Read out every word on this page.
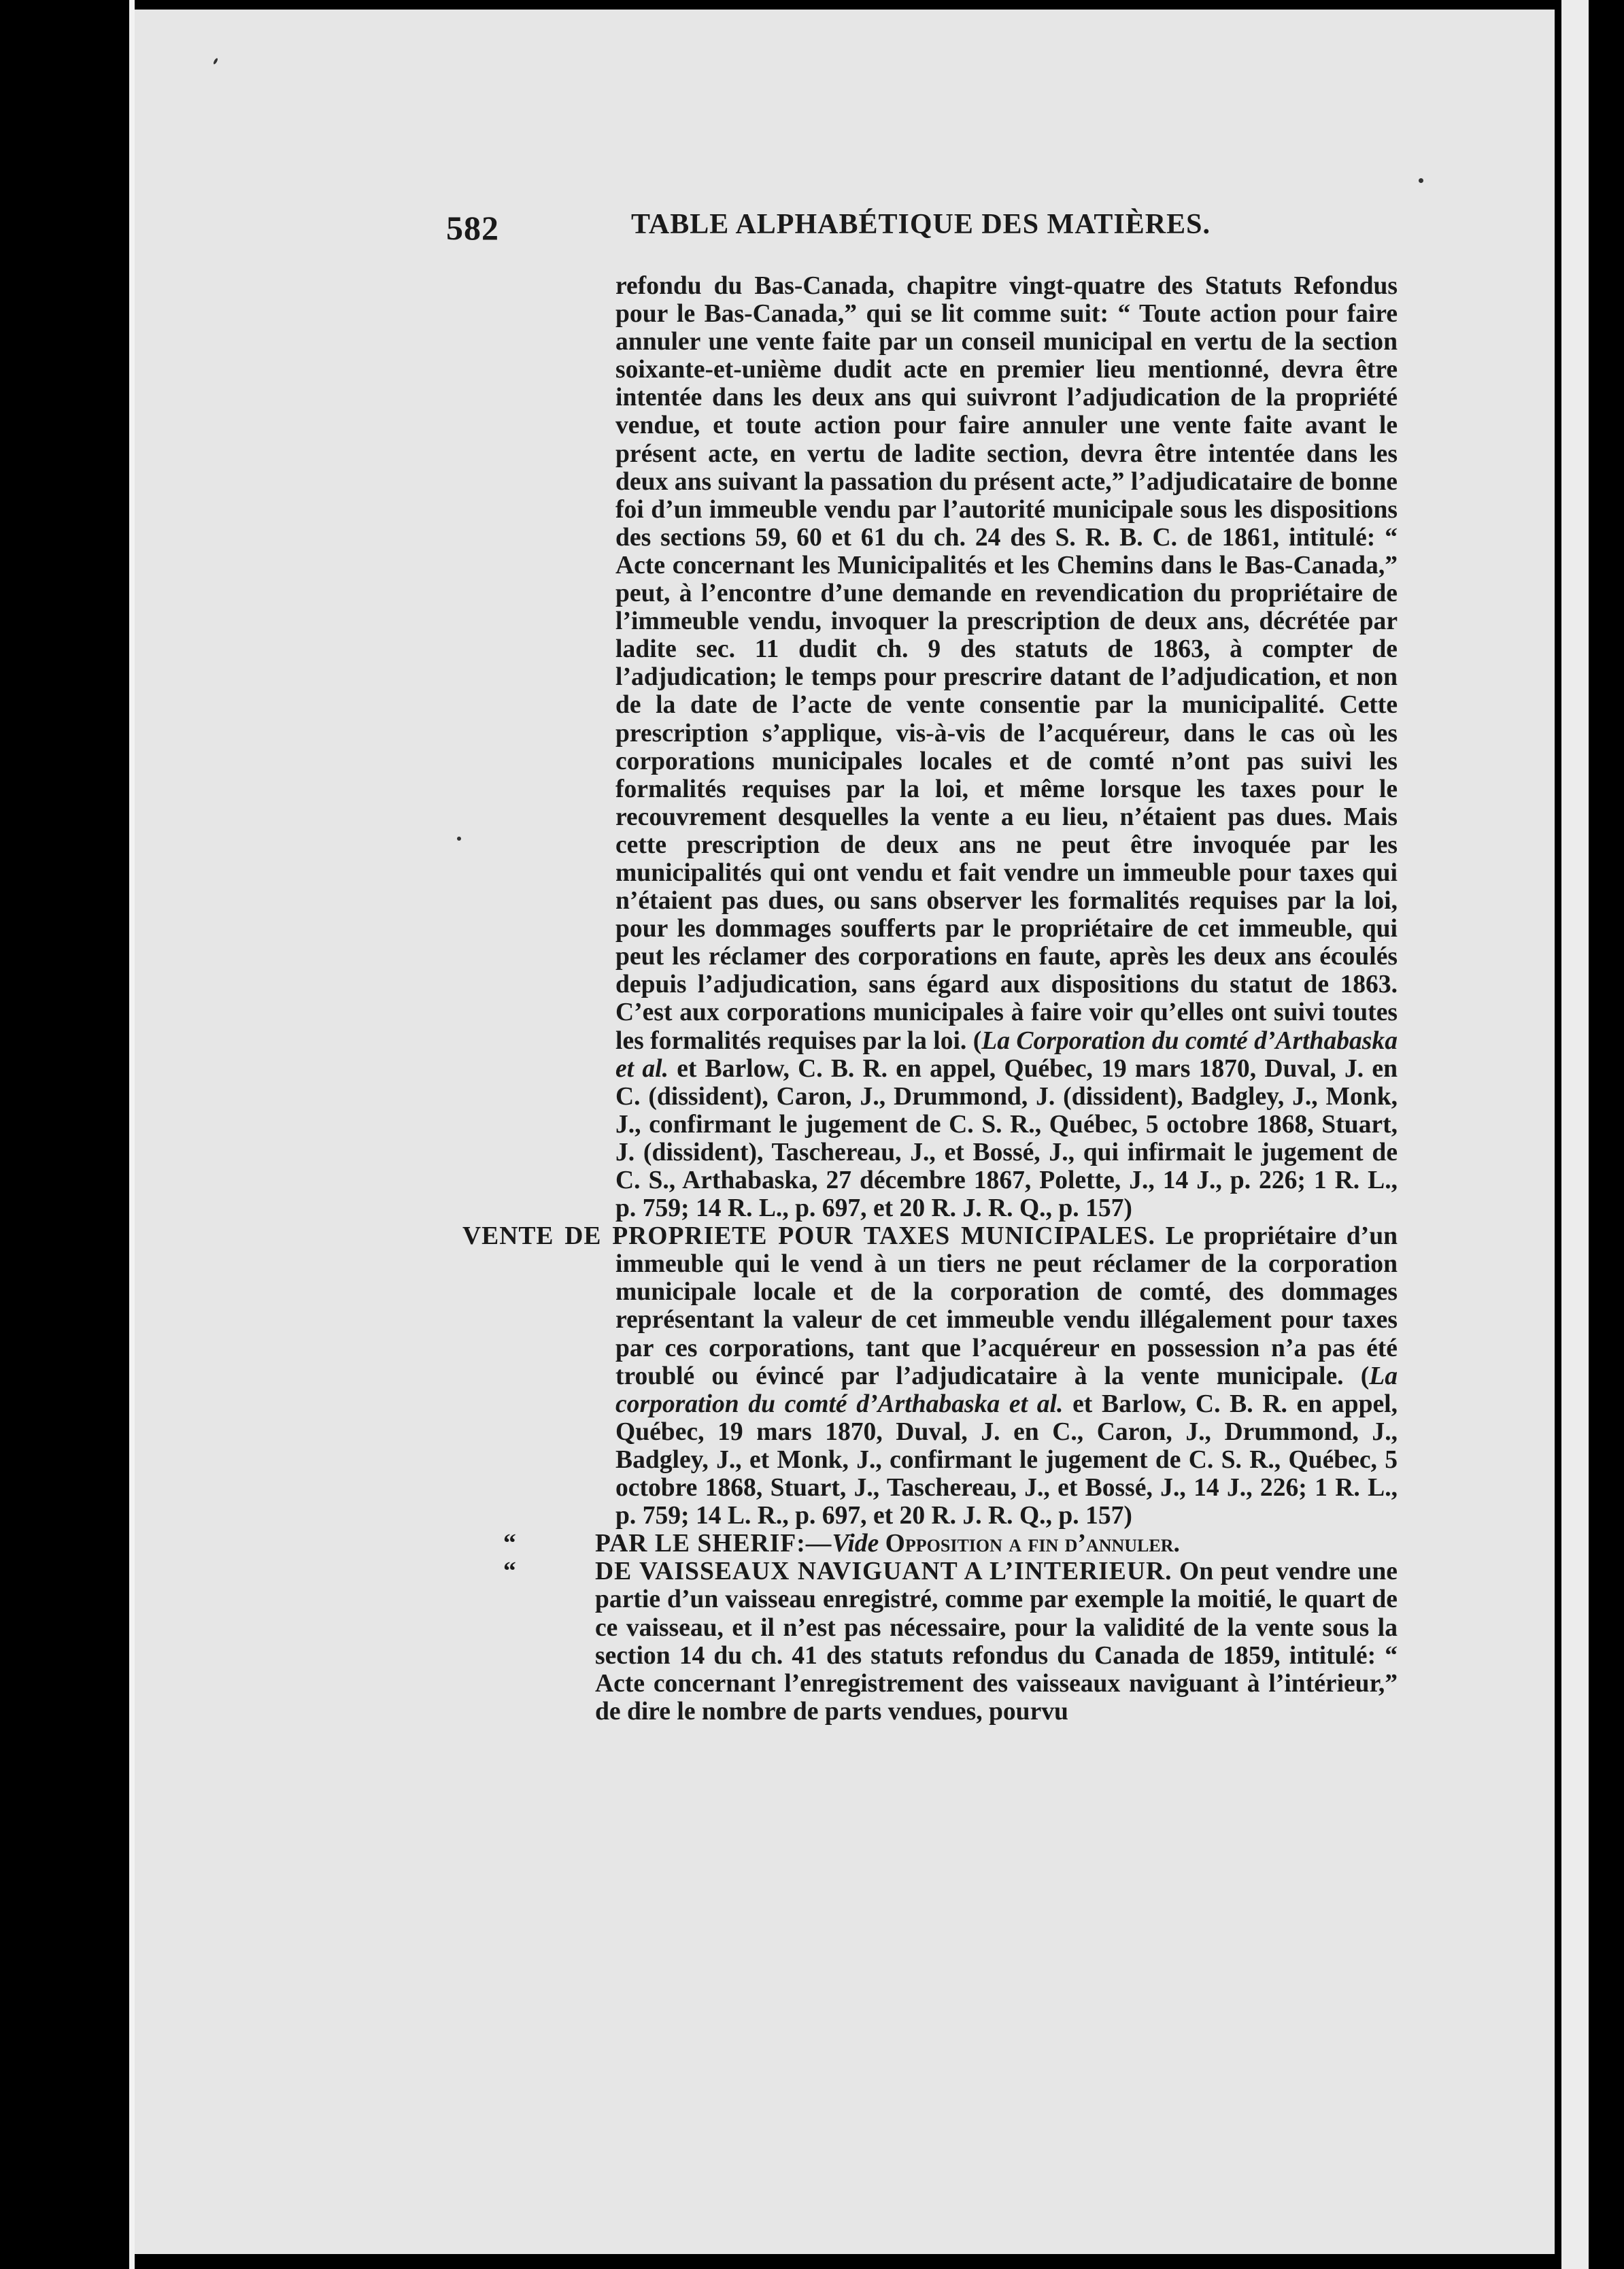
582	TABLE ALPHABÉTIQUE DES MATIÈRES.

refondu du Bas-Canada, chapitre vingt-quatre des Statuts Refondus pour le Bas-Canada,” qui se lit comme suit: “ Toute action pour faire annuler une vente faite par un conseil municipal en vertu de la section soixante-et-unième dudit acte en premier lieu mentionné, devra être intentée dans les deux ans qui suivront l’adjudication de la propriété vendue, et toute action pour faire annuler une vente faite avant le présent acte, en vertu de ladite section, devra être intentée dans les deux ans suivant la passation du présent acte,” l’adjudicataire de bonne foi d’un immeuble vendu par l’autorité municipale sous les dispositions des sections 59, 60 et 61 du ch. 24 des S. R. B. C. de 1861, intitulé: “ Acte concernant les Municipalités et les Chemins dans le Bas-Canada,” peut, à l’encontre d’une demande en revendication du propriétaire de l’immeuble vendu, invoquer la prescription de deux ans, décrétée par ladite sec. 11 dudit ch. 9 des statuts de 1863, à compter de l’adjudication; le temps pour prescrire datant de l’adjudication, et non de la date de l’acte de vente consentie par la municipalité. Cette prescription s’applique, vis-à-vis de l’acquéreur, dans le cas où les corporations municipales locales et de comté n’ont pas suivi les formalités requises par la loi, et même lorsque les taxes pour le recouvrement desquelles la vente a eu lieu, n’étaient pas dues. Mais cette prescription de deux ans ne peut être invoquée par les municipalités qui ont vendu et fait vendre un immeuble pour taxes qui n’étaient pas dues, ou sans observer les formalités requises par la loi, pour les dommages soufferts par le propriétaire de cet immeuble, qui peut les réclamer des corporations en faute, après les deux ans écoulés depuis l’adjudication, sans égard aux dispositions du statut de 1863. C’est aux corporations municipales à faire voir qu’elles ont suivi toutes les formalités requises par la loi. (La Corporation du comté d’Arthabaska et al. et Barlow, C. B. R. en appel, Québec, 19 mars 1870, Duval, J. en C. (dissident), Caron, J., Drummond, J. (dissident), Badgley, J., Monk, J., confirmant le jugement de C. S. R., Québec, 5 octobre 1868, Stuart, J. (dissident), Taschereau, J., et Bossé, J., qui infirmait le jugement de C. S., Arthabaska, 27 décembre 1867, Polette, J., 14 J., p. 226; 1 R. L., p. 759; 14 R. L., p. 697, et 20 R. J. R. Q., p. 157)

VENTE DE PROPRIETE POUR TAXES MUNICIPALES. Le propriétaire d’un immeuble qui le vend à un tiers ne peut réclamer de la corporation municipale locale et de la corporation de comté, des dommages représentant la valeur de cet immeuble vendu illégalement pour taxes par ces corporations, tant que l’acquéreur en possession n’a pas été troublé ou évincé par l’adjudicataire à la vente municipale. (La corporation du comté d’Arthabaska et al. et Barlow, C. B. R. en appel, Québec, 19 mars 1870, Duval, J. en C., Caron, J., Drummond, J., Badgley, J., et Monk, J., confirmant le jugement de C. S. R., Québec, 5 octobre 1868, Stuart, J., Taschereau, J., et Bossé, J., 14 J., 226; 1 R. L., p. 759; 14 L. R., p. 697, et 20 R. J. R. Q., p. 157)

“	PAR LE SHERIF:—Vide Opposition a fin d’annuler.

“	DE VAISSEAUX NAVIGUANT A L’INTERIEUR. On peut vendre une partie d’un vaisseau enregistré, comme par exemple la moitié, le quart de ce vaisseau, et il n’est pas nécessaire, pour la validité de la vente sous la section 14 du ch. 41 des statuts refondus du Canada de 1859, intitulé: “ Acte concernant l’enregistrement des vaisseaux naviguant à l’intérieur,” de dire le nombre de parts vendues, pourvu
